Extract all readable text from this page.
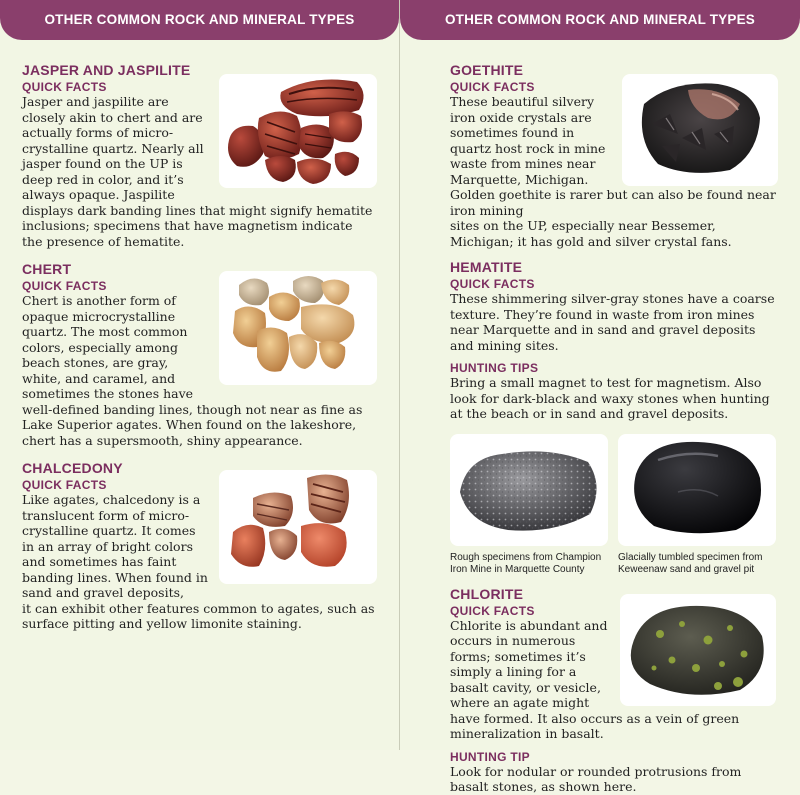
OTHER COMMON ROCK AND MINERAL TYPES
JASPER AND JASPILITE
QUICK FACTS
Jasper and jaspilite are closely akin to chert and are actually forms of micro-crystalline quartz. Nearly all jasper found on the UP is deep red in color, and it’s always opaque. Jaspilite
displays dark banding lines that might signify hematite inclusions; specimens that have magnetism indicate the presence of hematite.
CHERT
QUICK FACTS
Chert is another form of opaque microcrystalline quartz. The most common colors, especially among beach stones, are gray, white, and caramel, and sometimes the stones have
well-defined banding lines, though not near as fine as Lake Superior agates. When found on the lakeshore, chert has a supersmooth, shiny appearance.
CHALCEDONY
QUICK FACTS
Like agates, chalcedony is a translucent form of micro-crystalline quartz. It comes in an array of bright colors and sometimes has faint banding lines. When found in sand and gravel deposits,
it can exhibit other features common to agates, such as surface pitting and yellow limonite staining.
OTHER COMMON ROCK AND MINERAL TYPES
GOETHITE
QUICK FACTS
These beautiful silvery iron oxide crystals are sometimes found in quartz host rock in mine waste from mines near Marquette, Michigan. Golden goethite is rarer but can also be found near iron mining
sites on the UP, especially near Bessemer, Michigan; it has gold and silver crystal fans.
HEMATITE
QUICK FACTS
These shimmering silver-gray stones have a coarse texture. They’re found in waste from iron mines near Marquette and in sand and gravel deposits and mining sites.
HUNTING TIPS
Bring a small magnet to test for magnetism. Also look for dark-black and waxy stones when hunting at the beach or in sand and gravel deposits.
Rough specimens from Champion Iron Mine in Marquette County
Glacially tumbled specimen from Keweenaw sand and gravel pit
CHLORITE
QUICK FACTS
Chlorite is abundant and occurs in numerous forms; sometimes it’s simply a lining for a basalt cavity, or vesicle, where an agate might have formed. It also occurs as a vein of green mineralization in basalt.
HUNTING TIP
Look for nodular or rounded protrusions from basalt stones, as shown here.
